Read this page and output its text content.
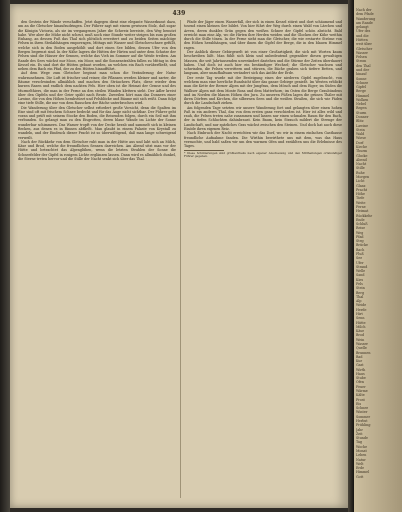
439

den Gestein der Wände verschaffen. Jetzt dagegen dient eine elegante Wasserkunst dazu, um an die Gletscher hinaufzudringen. Der Führer sagt mit einem gewissen Stolz, daß sogar die Königin Victoria, als sie im vergangenen Jahre die Schweiz bereiste, den Weg benutzt habe. Wer aber die Mühe nicht scheut, muß noch eine Stunde weiter steigen bis zum großen Eishang, an dessen Fuß das Thal sich plötzlich erweitert und zu beiden Seiten mächtige Felsen in ihren Steilabhängen emporragen, Mittags mit Wasser und Gletscherschnee gefüllt, welche sich in den Boden ausgehöhlt und dort einen See bilden, dessen Ufer von den Bergen begrenzt sind. In der Nähe lagern die Hütten der Hirten und unter dem Schutze der Felsen sind die Häuser der Sennen, welche das Vieh im Sommer auf die Weide treiben. Am Rande des Sees wächst nur Moos, ein Moor, und die Sonnenstrahlen fallen zu Mittag in den Kessel ein. Es sind dort die Hütten gebaut worden, an welchen ein Bach vorüberfließt, und neben dem Bach ein Pfad, der zu den Hütten hinaufführt.

Auf dem Wege zum Gletscher beginnt man schon die Veränderung der Natur wahrzunehmen. Die Luft ist frischer und reiner, die Pflanzen werden kleiner und zarter, die Bäume verschwinden allmählich und machen den Sträuchern Platz, diese wieder dem kurzen Rasen und endlich dem nackten Fels. Hier oben ist die Heimat der Gemse und des Murmelthiers, die man in der Ferne an den steilen Wänden klettern sieht. Der Adler kreist über den Gipfeln und der Geier späht nach Beute. Zuweilen hört man das Donnern einer Lawine, die von den Höhen herabstürzt und Felsblöcke und Bäume mit sich reißt. Dann folgt eine tiefe Stille, die nur von dem Rauschen der Bäche unterbrochen wird.

Die Wanderung über den Gletscher selbst erfordert große Vorsicht, denn die Spalten im Eise sind oft mit frischem Schnee bedeckt und für das Auge nicht sichtbar. Der Führer geht voran und prüft mit seinem Stocke den Boden, die Reisenden folgen, durch ein Seil mit ihm verbunden. So gelangt man zu den Eisgrotten, deren blaue Wände im Lichte der Sonne wunderbar schimmern. Das Wasser tropft von der Decke herab und sammelt sich in kleinen Becken, aus denen es in Rinnen abfließt. Man glaubt in einem Palaste von Krystall zu wandeln, und der Eindruck dieser Pracht ist so überwältigend, daß man lange schweigend verweilt.

Nach der Rückkehr von dem Gletscher ruht man in der Hütte aus und labt sich an Milch, Käse und Brod, welche die freundlichen Sennen darreichen. Am Abend sitzt man vor der Hütte und betrachtet das Alpenglühen, wenn die letzten Strahlen der Sonne die Schneefelder der Gipfel in rosigem Lichte erglänzen lassen. Dann wird es allmählich dunkel, die Sterne treten hervor und die Stille der Nacht senkt sich über das Thal.

Pfade der Jäger einen Wasserfall, der sich in einen Kessel stürzt und dort schäumend und tosend einen kleinen See bildet. Von hier führt der Weg durch einen Wald von Lärchen und Arven, deren dunkles Grün gegen den weißen Schnee der Gipfel schön absticht. Bald erreicht man eine Alp, wo die Hirten ihre Herden weiden und die Glocken der Kühe weithin durch die Stille tönen. In der Ferne sieht man die Gletscher, die wie erstarrte Ströme von den Höhen herabhängen, und über ihnen die Gipfel der Berge, die in den blauen Himmel ragen.

Der Anblick dieser Gebirgswelt ist von einer Großartigkeit, die sich mit Worten kaum beschreiben läßt. Man fühlt sich klein und unbedeutend gegenüber diesen gewaltigen Massen, die seit Jahrtausenden unverändert dastehen und die Stürme der Zeiten überdauert haben. Und doch ist auch hier ein beständiger Wechsel; die Gletscher wachsen und schwinden, die Felsen verwittern und stürzen, die Bäche graben sich tiefere Betten, und langsam, aber unaufhaltsam verändert sich das Antlitz der Erde.

Der erste Tag wurde mit der Besteigung eines der niederen Gipfel zugebracht, von welchem man eine herrliche Rundsicht über das ganze Gebirge genießt. Im Westen erblickt man die Kette der Berner Alpen mit der Jungfrau, dem Mönch und dem Eiger; im Süden die Walliser Alpen mit dem Monte Rosa und dem Matterhorn; im Osten die Berge Graubündens und im Norden die blauen Höhen des Jura. Zu unseren Füßen lagen die grünen Thäler mit ihren Dörfern und Kirchen, die silbernen Seen und die weißen Straßen, die sich wie Fäden durch die Landschaft ziehen.

Am folgenden Tage setzten wir unsere Wanderung fort und gelangten über einen hohen Paß in ein anderes Thal, das von dem ersten ganz verschieden ist. Hier ist alles wild und rauh, die Felsen treten nahe zusammen und lassen nur einen schmalen Raum für den Bach, der in tiefen Schluchten dahinbraust. Kein Baum, kein Strauch mildert die Strenge der Landschaft, und nur spärliches Gras wächst zwischen den Steinen. Und doch hat auch diese Einöde ihren eigenen Reiz.

Nach Einbruch der Nacht erreichten wir das Dorf, wo wir in einem einfachen Gasthause freundliche Aufnahme fanden. Die Wirthin bewirthete uns mit dem, was das Haus vermochte, und bald saßen wir um den warmen Ofen und erzählten uns die Erlebnisse des Tages.

* Diese Schilderungen sind größtentheils nach eigener Anschauung und den Mittheilungen ortskundiger Führer gegeben.

Nach der
dem Pfade
Wanderung
am Rande
gelangt
Ufer des
und die
Hütten
weit über
Gletscher
Wasser
Felsen
Strom
den Thal
und der
hinauf
Sonne
Schnee
Gipfel
Berge
Himmel
Wolken
Nebel
Regen
Sturm
Donner
Blitz
Lawine
Stein
Wald
Wiese
Dorf
Kirche
Thurm
Glocke
Abend
Nacht
Stille
Ruhe
Morgen
Licht
Glanz
Pracht
Höhe
Tiefe
Weite
Ferne
Heimat
Rückkehr
Ende
Schluß
Reise
Weg
Pfad
Steg
Brücke
Bach
Fluß
See
Ufer
Strand
Welle
Sand
Kies
Fels
Stein
Berg
Thal
Alp
Weide
Herde
Hirt
Senn
Hütte
Milch
Käse
Brod
Wein
Wasser
Quelle
Brunnen
Bad
Kur
Gast
Wirth
Haus
Stube
Ofen
Feuer
Wärme
Kälte
Frost
Eis
Schnee
Winter
Sommer
Herbst
Frühling
Jahr
Zeit
Stunde
Tag
Woche
Monat
Leben
Natur
Welt
Erde
Himmel
Gott
